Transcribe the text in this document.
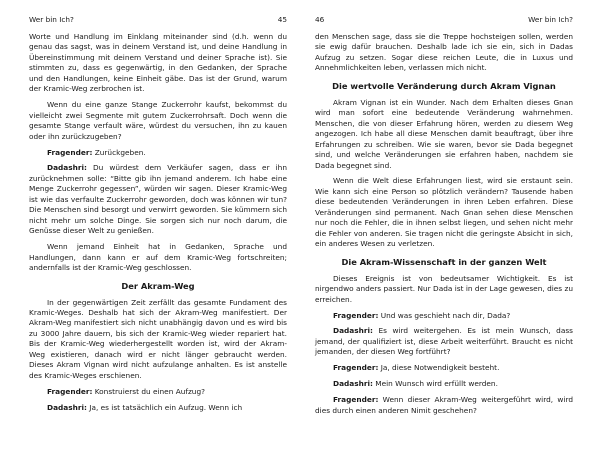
Wer bin Ich?	45

Worte und Handlung im Einklang miteinander sind (d.h. wenn du genau das sagst, was in deinem Verstand ist, und deine Handlung in Übereinstimmung mit deinem Verstand und deiner Sprache ist). Sie stimmten zu, dass es gegenwärtig, in den Gedanken, der Sprache und den Handlungen, keine Einheit gäbe. Das ist der Grund, warum der Kramic-Weg zerbrochen ist.

Wenn du eine ganze Stange Zuckerrohr kaufst, bekommst du vielleicht zwei Segmente mit gutem Zuckerrohrsaft. Doch wenn die gesamte Stange verfault wäre, würdest du versuchen, ihn zu kauen oder ihn zurückzugeben?

Fragender: Zurückgeben.

Dadashri: Du würdest dem Verkäufer sagen, dass er ihn zurücknehmen solle: “Bitte gib ihn jemand anderem. Ich habe eine Menge Zuckerrohr gegessen”, würden wir sagen. Dieser Kramic-Weg ist wie das verfaulte Zuckerrohr geworden, doch was können wir tun? Die Menschen sind besorgt und verwirrt geworden. Sie kümmern sich nicht mehr um solche Dinge. Sie sorgen sich nur noch darum, die Genüsse dieser Welt zu genießen.

Wenn jemand Einheit hat in Gedanken, Sprache und Handlungen, dann kann er auf dem Kramic-Weg fortschreiten; andernfalls ist der Kramic-Weg geschlossen.

Der Akram-Weg

In der gegenwärtigen Zeit zerfällt das gesamte Fundament des Kramic-Weges. Deshalb hat sich der Akram-Weg manifestiert. Der Akram-Weg manifestiert sich nicht unabhängig davon und es wird bis zu 3000 Jahre dauern, bis sich der Kramic-Weg wieder repariert hat. Bis der Kramic-Weg wiederhergestellt worden ist, wird der Akram-Weg existieren, danach wird er nicht länger gebraucht werden. Dieses Akram Vignan wird nicht aufzulange anhalten. Es ist anstelle des Kramic-Weges erschienen.

Fragender: Konstruierst du einen Aufzug?

Dadashri: Ja, es ist tatsächlich ein Aufzug. Wenn ich

46	Wer bin Ich?

den Menschen sage, dass sie die Treppe hochsteigen sollen, werden sie ewig dafür brauchen. Deshalb lade ich sie ein, sich in Dadas Aufzug zu setzen. Sogar diese reichen Leute, die in Luxus und Annehmlichkeiten leben, verlassen mich nicht.

Die wertvolle Veränderung durch Akram Vignan

Akram Vignan ist ein Wunder. Nach dem Erhalten dieses Gnan wird man sofort eine bedeutende Veränderung wahrnehmen. Menschen, die von dieser Erfahrung hören, werden zu diesem Weg angezogen. Ich habe all diese Menschen damit beauftragt, über ihre Erfahrungen zu schreiben. Wie sie waren, bevor sie Dada begegnet sind, und welche Veränderungen sie erfahren haben, nachdem sie Dada begegnet sind.

Wenn die Welt diese Erfahrungen liest, wird sie erstaunt sein. Wie kann sich eine Person so plötzlich verändern? Tausende haben diese bedeutenden Veränderungen in ihren Leben erfahren. Diese Veränderungen sind permanent. Nach Gnan sehen diese Menschen nur noch die Fehler, die in ihnen selbst liegen, und sehen nicht mehr die Fehler von anderen. Sie tragen nicht die geringste Absicht in sich, ein anderes Wesen zu verletzen.

Die Akram-Wissenschaft in der ganzen Welt

Dieses Ereignis ist von bedeutsamer Wichtigkeit. Es ist nirgendwo anders passiert. Nur Dada ist in der Lage gewesen, dies zu erreichen.

Fragender: Und was geschieht nach dir, Dada?

Dadashri: Es wird weitergehen. Es ist mein Wunsch, dass jemand, der qualifiziert ist, diese Arbeit weiterführt. Braucht es nicht jemanden, der diesen Weg fortführt?

Fragender: Ja, diese Notwendigkeit besteht.

Dadashri: Mein Wunsch wird erfüllt werden.

Fragender: Wenn dieser Akram-Weg weitergeführt wird, wird dies durch einen anderen Nimit geschehen?
